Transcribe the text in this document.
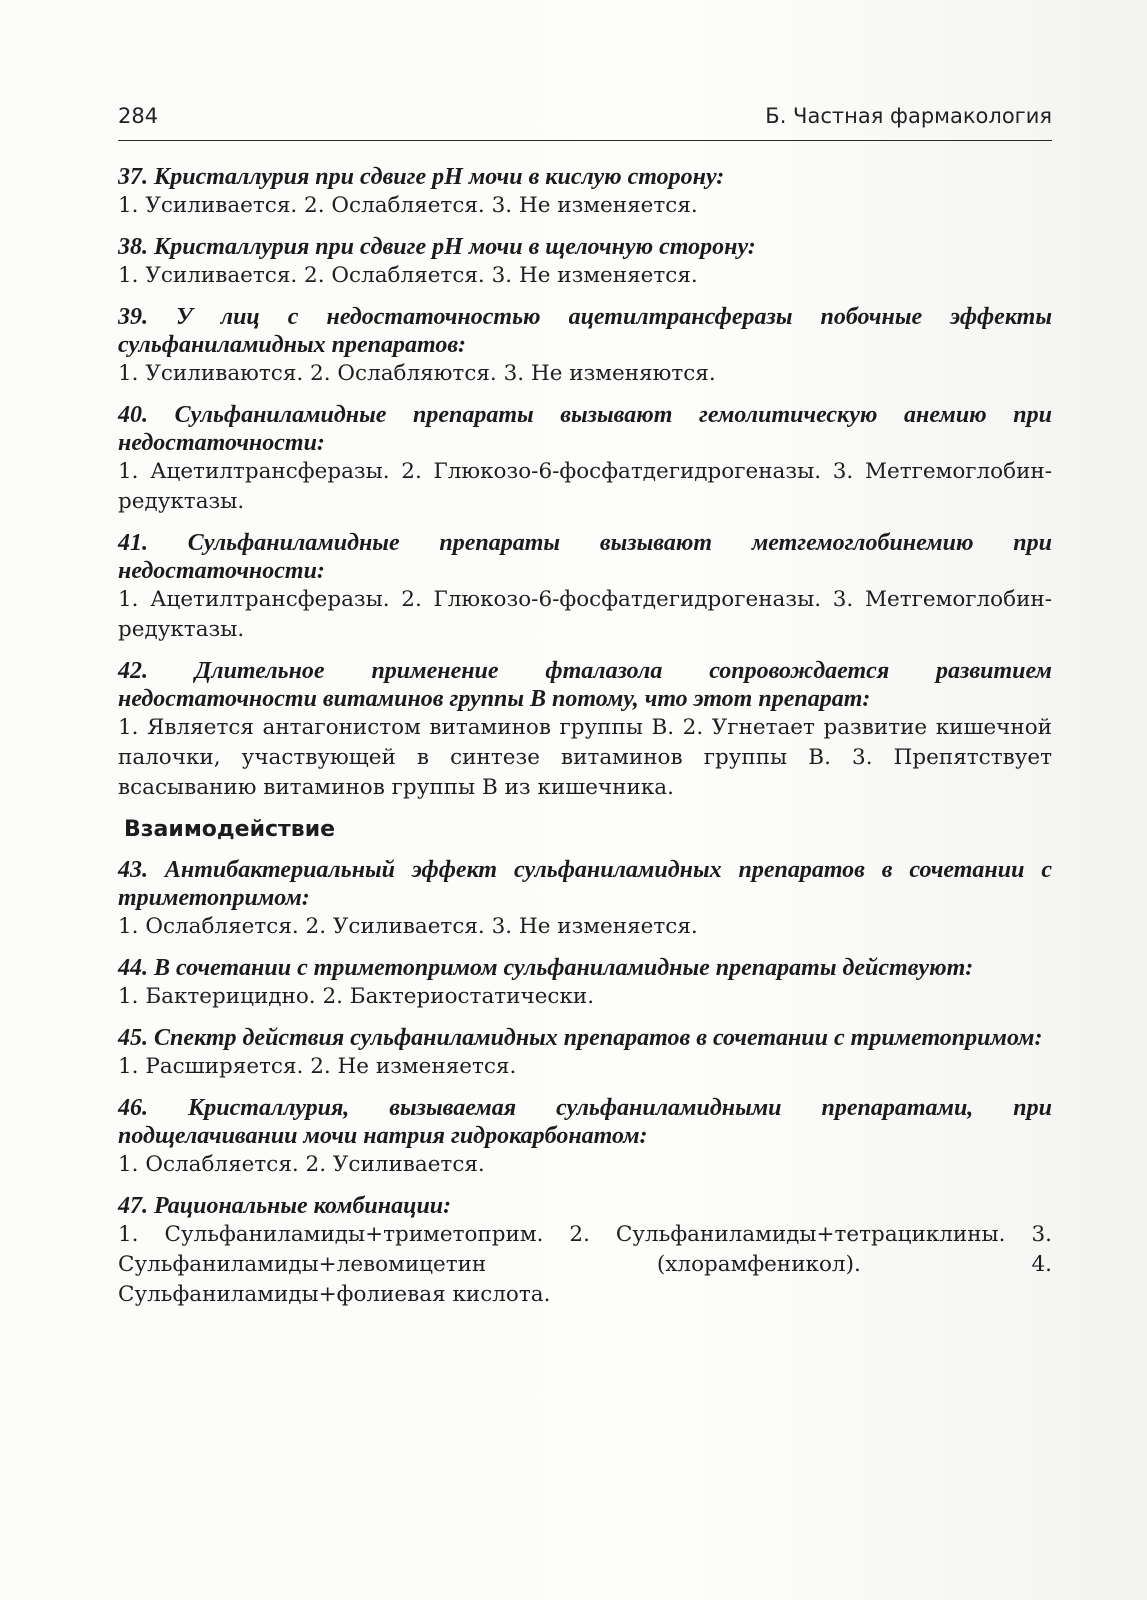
284	Б. Частная фармакология

37. Кристаллурия при сдвиге рН мочи в кислую сторону:

1. Усиливается. 2. Ослабляется. 3. Не изменяется.

38. Кристаллурия при сдвиге рН мочи в щелочную сторону:

1. Усиливается. 2. Ослабляется. 3. Не изменяется.

39. У лиц с недостаточностью ацетилтрансферазы побочные эффекты сульфаниламидных препаратов:

1. Усиливаются. 2. Ослабляются. 3. Не изменяются.

40. Сульфаниламидные препараты вызывают гемолитическую анемию при недостаточности:

1. Ацетилтрансферазы. 2. Глюкозо-6-фосфатдегидрогеназы. 3. Метгемоглобин-редуктазы.

41. Сульфаниламидные препараты вызывают метгемоглобинемию при недостаточности:

1. Ацетилтрансферазы. 2. Глюкозо-6-фосфатдегидрогеназы. 3. Метгемоглобин-редуктазы.

42. Длительное применение фталазола сопровождается развитием недостаточности витаминов группы В потому, что этот препарат:

1. Является антагонистом витаминов группы В. 2. Угнетает развитие кишечной палочки, участвующей в синтезе витаминов группы В. 3. Препятствует всасыванию витаминов группы В из кишечника.

Взаимодействие

43. Антибактериальный эффект сульфаниламидных препаратов в сочетании с триметопримом:

1. Ослабляется. 2. Усиливается. 3. Не изменяется.

44. В сочетании с триметопримом сульфаниламидные препараты действуют:

1. Бактерицидно. 2. Бактериостатически.

45. Спектр действия сульфаниламидных препаратов в сочетании с триметопримом:

1. Расширяется. 2. Не изменяется.

46. Кристаллурия, вызываемая сульфаниламидными препаратами, при подщелачивании мочи натрия гидрокарбонатом:

1. Ослабляется. 2. Усиливается.

47. Рациональные комбинации:

1. Сульфаниламиды+триметоприм. 2. Сульфаниламиды+тетрациклины. 3. Сульфаниламиды+левомицетин (хлорамфеникол). 4. Сульфаниламиды+фолиевая кислота.
